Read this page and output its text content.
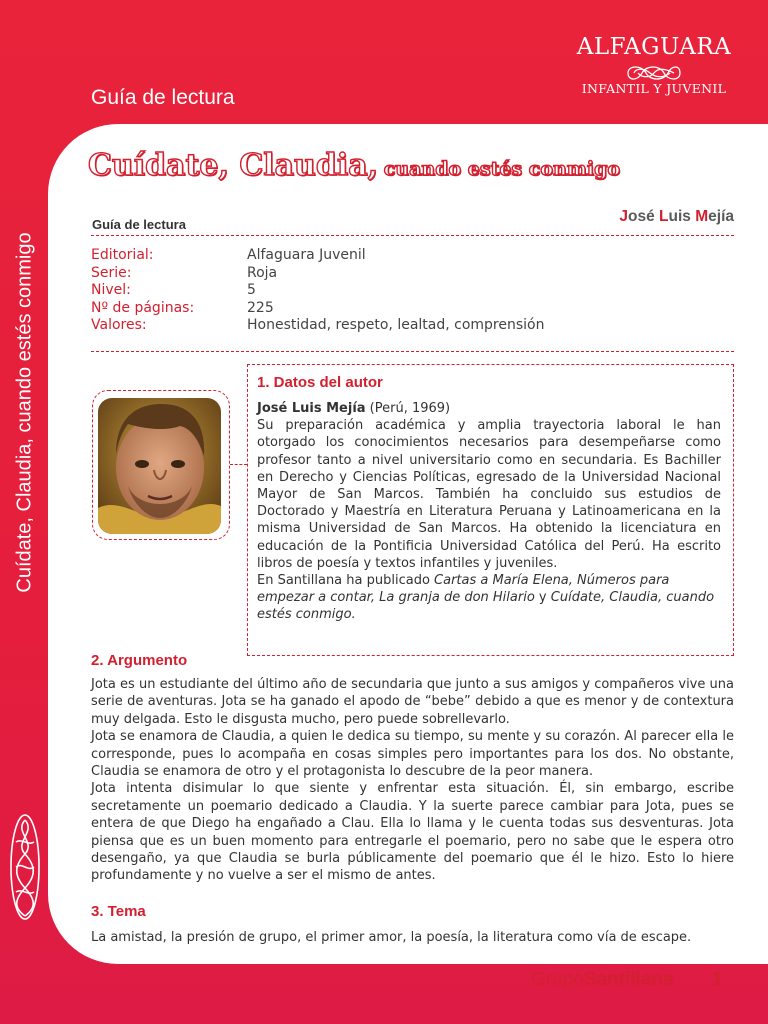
ALFAGUARA
INFANTIL Y JUVENIL
Guía de lectura
Cuídate, Claudia, cuando estés conmigo
Cuídate, Claudia, cuando estés conmigo
Guía de lectura	José Luis Mejía
Editorial:	Alfaguara Juvenil
Serie:	Roja
Nivel:	5
Nº de páginas:	225
Valores:	Honestidad, respeto, lealtad, comprensión
1. Datos del autor

José Luis Mejía (Perú, 1969)

Su preparación académica y amplia trayectoria laboral le han otorgado los conocimientos necesarios para desempeñarse como profesor tanto a nivel universitario como en secundaria. Es Bachiller en Derecho y Ciencias Políticas, egresado de la Universidad Nacional Mayor de San Marcos. También ha concluido sus estudios de Doctorado y Maestría en Literatura Peruana y Latinoamericana en la misma Universidad de San Marcos. Ha obtenido la licenciatura en educación de la Pontificia Universidad Católica del Perú. Ha escrito libros de poesía y textos infantiles y juveniles.

En Santillana ha publicado Cartas a María Elena, Números para empezar a contar, La granja de don Hilario y Cuídate, Claudia, cuando estés conmigo.

2. Argumento

Jota es un estudiante del último año de secundaria que junto a sus amigos y compañeros vive una serie de aventuras. Jota se ha ganado el apodo de “bebe” debido a que es menor y de contextura muy delgada. Esto le disgusta mucho, pero puede sobrellevarlo.

Jota se enamora de Claudia, a quien le dedica su tiempo, su mente y su corazón. Al parecer ella le corresponde, pues lo acompaña en cosas simples pero importantes para los dos. No obstante, Claudia se enamora de otro y el protagonista lo descubre de la peor manera.

Jota intenta disimular lo que siente y enfrentar esta situación. Él, sin embargo, escribe secretamente un poemario dedicado a Claudia. Y la suerte parece cambiar para Jota, pues se entera de que Diego ha engañado a Clau. Ella lo llama y le cuenta todas sus desventuras. Jota piensa que es un buen momento para entregarle el poemario, pero no sabe que le espera otro desengaño, ya que Claudia se burla públicamente del poemario que él le hizo. Esto lo hiere profundamente y no vuelve a ser el mismo de antes.

3. Tema

La amistad, la presión de grupo, el primer amor, la poesía, la literatura como vía de escape.

GrupoSantillana 1
